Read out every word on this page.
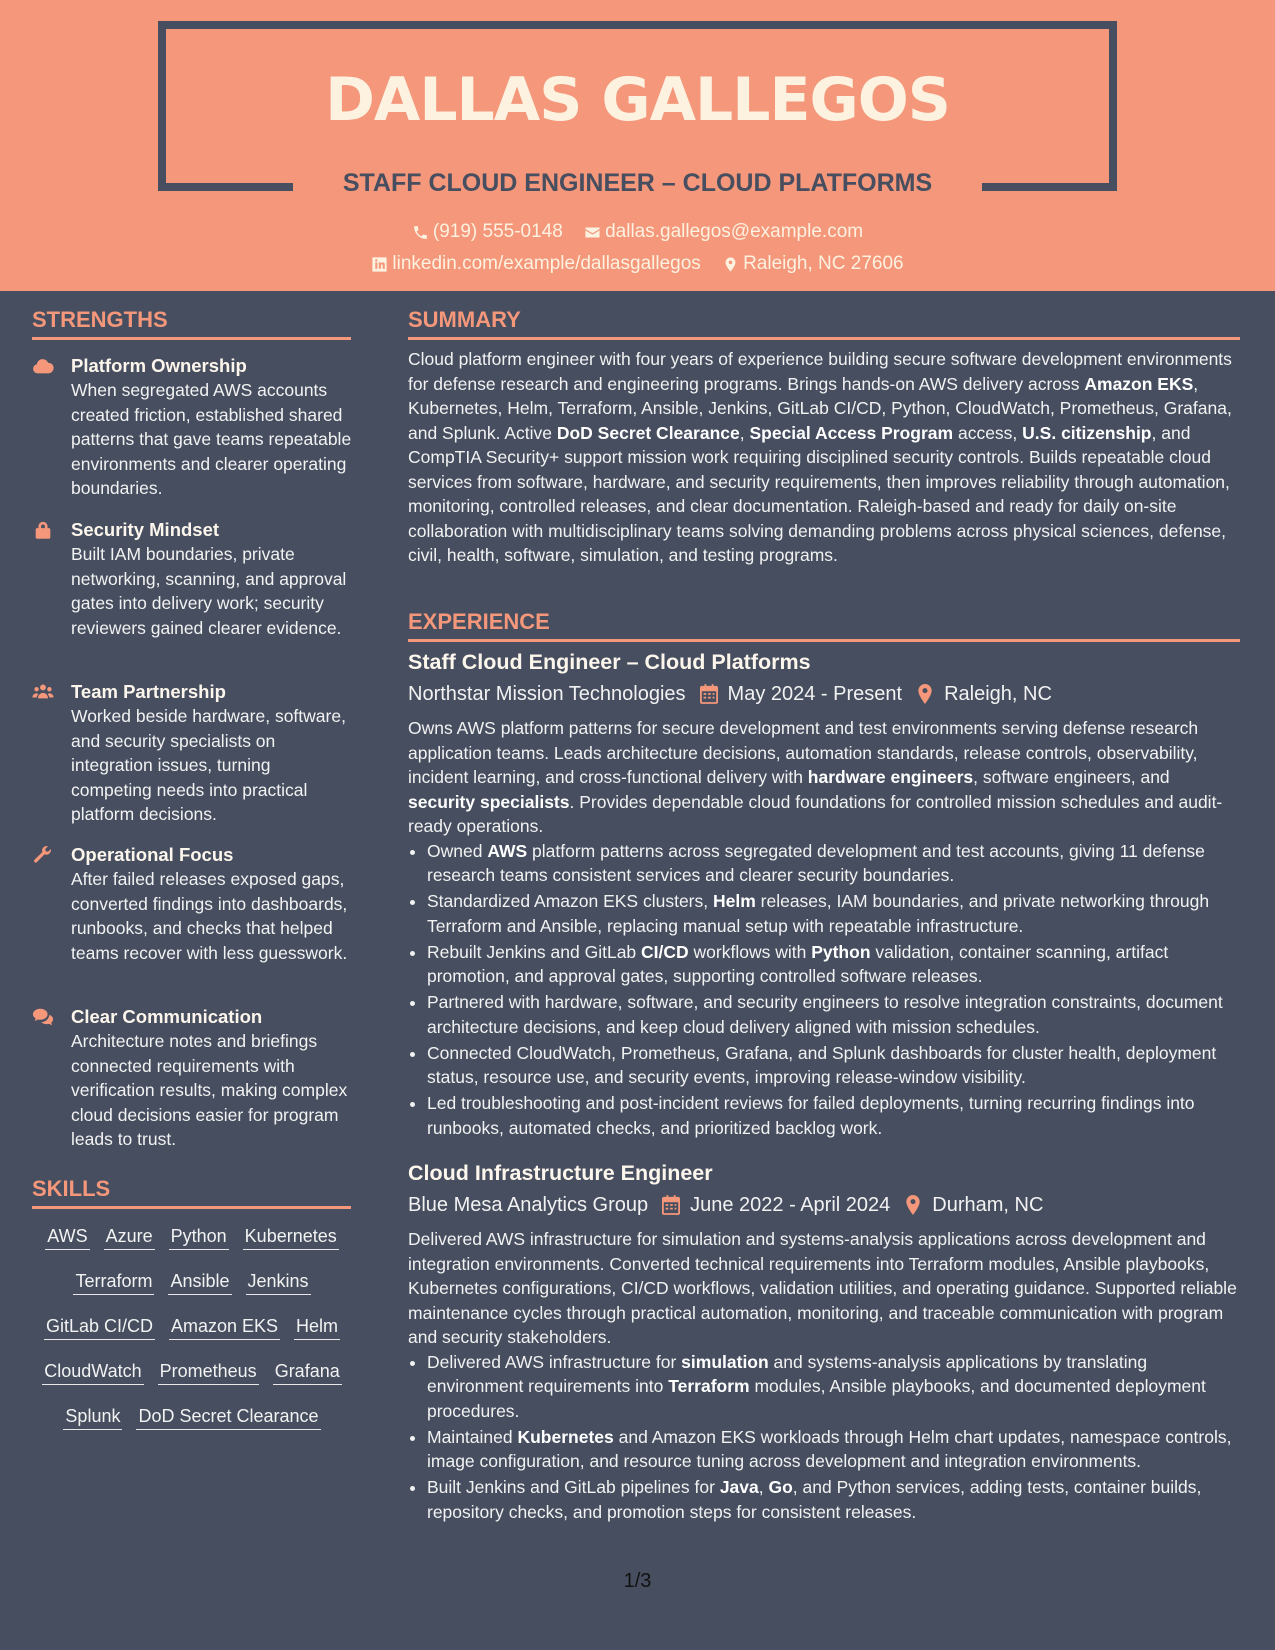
DALLAS GALLEGOS
STAFF CLOUD ENGINEER – CLOUD PLATFORMS
(919) 555-0148
dallas.gallegos@example.com
linkedin.com/example/dallasgallegos
Raleigh, NC 27606
STRENGTHS
Platform Ownership
When segregated AWS accounts created friction, established shared patterns that gave teams repeatable environments and clearer operating boundaries.
Security Mindset
Built IAM boundaries, private networking, scanning, and approval gates into delivery work; security reviewers gained clearer evidence.
Team Partnership
Worked beside hardware, software, and security specialists on integration issues, turning competing needs into practical platform decisions.
Operational Focus
After failed releases exposed gaps, converted findings into dashboards, runbooks, and checks that helped teams recover with less guesswork.
Clear Communication
Architecture notes and briefings connected requirements with verification results, making complex cloud decisions easier for program leads to trust.
SKILLS
AWS Azure Python Kubernetes
Terraform Ansible Jenkins
GitLab CI/CD Amazon EKS Helm
CloudWatch Prometheus Grafana
Splunk DoD Secret Clearance
SUMMARY
Cloud platform engineer with four years of experience building secure software development environments for defense research and engineering programs. Brings hands-on AWS delivery across Amazon EKS, Kubernetes, Helm, Terraform, Ansible, Jenkins, GitLab CI/CD, Python, CloudWatch, Prometheus, Grafana, and Splunk. Active DoD Secret Clearance, Special Access Program access, U.S. citizenship, and CompTIA Security+ support mission work requiring disciplined security controls. Builds repeatable cloud services from software, hardware, and security requirements, then improves reliability through automation, monitoring, controlled releases, and clear documentation. Raleigh-based and ready for daily on-site collaboration with multidisciplinary teams solving demanding problems across physical sciences, defense, civil, health, software, simulation, and testing programs.
EXPERIENCE
Staff Cloud Engineer – Cloud Platforms
Northstar Mission Technologies May 2024 - Present Raleigh, NC
Owns AWS platform patterns for secure development and test environments serving defense research application teams. Leads architecture decisions, automation standards, release controls, observability, incident learning, and cross-functional delivery with hardware engineers, software engineers, and security specialists. Provides dependable cloud foundations for controlled mission schedules and audit-ready operations.
• Owned AWS platform patterns across segregated development and test accounts, giving 11 defense research teams consistent services and clearer security boundaries.
• Standardized Amazon EKS clusters, Helm releases, IAM boundaries, and private networking through Terraform and Ansible, replacing manual setup with repeatable infrastructure.
• Rebuilt Jenkins and GitLab CI/CD workflows with Python validation, container scanning, artifact promotion, and approval gates, supporting controlled software releases.
• Partnered with hardware, software, and security engineers to resolve integration constraints, document architecture decisions, and keep cloud delivery aligned with mission schedules.
• Connected CloudWatch, Prometheus, Grafana, and Splunk dashboards for cluster health, deployment status, resource use, and security events, improving release-window visibility.
• Led troubleshooting and post-incident reviews for failed deployments, turning recurring findings into runbooks, automated checks, and prioritized backlog work.
Cloud Infrastructure Engineer
Blue Mesa Analytics Group June 2022 - April 2024 Durham, NC
Delivered AWS infrastructure for simulation and systems-analysis applications across development and integration environments. Converted technical requirements into Terraform modules, Ansible playbooks, Kubernetes configurations, CI/CD workflows, validation utilities, and operating guidance. Supported reliable maintenance cycles through practical automation, monitoring, and traceable communication with program and security stakeholders.
• Delivered AWS infrastructure for simulation and systems-analysis applications by translating environment requirements into Terraform modules, Ansible playbooks, and documented deployment procedures.
• Maintained Kubernetes and Amazon EKS workloads through Helm chart updates, namespace controls, image configuration, and resource tuning across development and integration environments.
• Built Jenkins and GitLab pipelines for Java, Go, and Python services, adding tests, container builds, repository checks, and promotion steps for consistent releases.
1/3
